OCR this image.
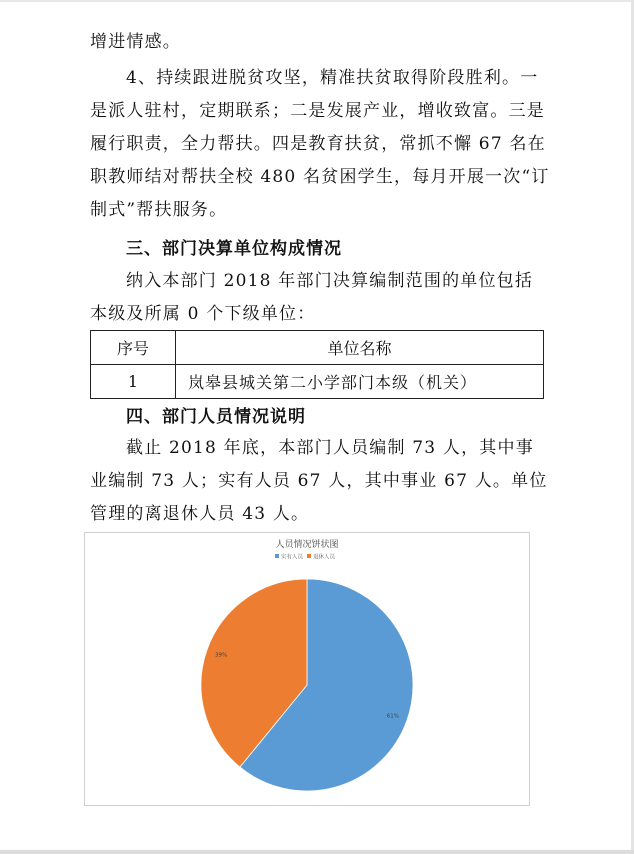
增进情感。

4、持续跟进脱贫攻坚，精准扶贫取得阶段胜利。一是派人驻村，定期联系；二是发展产业，增收致富。三是履行职责，全力帮扶。四是教育扶贫，常抓不懈 67 名在职教师结对帮扶全校 480 名贫困学生，每月开展一次“订制式”帮扶服务。

三、部门决算单位构成情况

纳入本部门 2018 年部门决算编制范围的单位包括本级及所属 0 个下级单位：

序号	单位名称
1	岚皋县城关第二小学部门本级（机关）

四、部门人员情况说明

截止 2018 年底，本部门人员编制 73 人，其中事业编制 73 人；实有人员 67 人，其中事业 67 人。单位管理的离退休人员 43 人。

人员情况饼状图
实有人员 退休人员
61%
39%
